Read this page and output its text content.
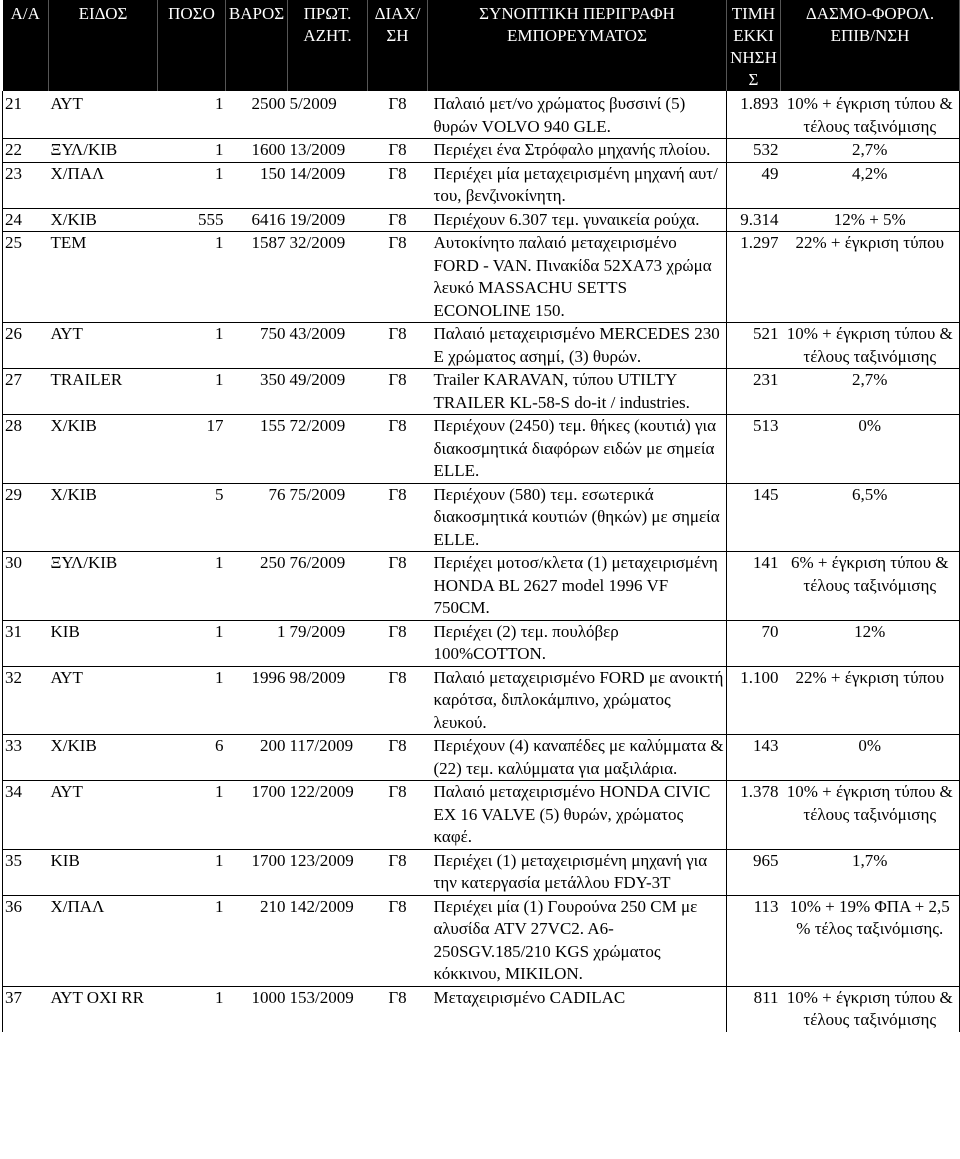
Α/Α	ΕΙΔΟΣ	ΠΟΣΟ	ΒΑΡΟΣ	ΠΡΩΤ. ΑΖΗΤ.	ΔΙΑΧ/ ΣΗ	ΣΥΝΟΠΤΙΚΗ ΠΕΡΙΓΡΑΦΗ ΕΜΠΟΡΕΥΜΑΤΟΣ	ΤΙΜΗ ΕΚΚΙ ΝΗΣΗ Σ	ΔΑΣΜΟ-ΦΟΡΟΛ. ΕΠΙΒ/ΝΣΗ
21	ΑΥΤ	1	2500	5/2009	Γ8	Παλαιό μετ/νο χρώματος βυσσινί (5) θυρών VOLVO 940 GLE.	1.893	10% + έγκριση τύπου & τέλους ταξινόμισης
22	ΞΥΛ/ΚΙΒ	1	1600	13/2009	Γ8	Περιέχει ένα Στρόφαλο μηχανής πλοίου.	532	2,7%
23	Χ/ΠΑΛ	1	150	14/2009	Γ8	Περιέχει μία μεταχειρισμένη μηχανή αυτ/του, βενζινοκίνητη.	49	4,2%
24	Χ/ΚΙΒ	555	6416	19/2009	Γ8	Περιέχουν 6.307 τεμ. γυναικεία ρούχα.	9.314	12% + 5%
25	ΤΕΜ	1	1587	32/2009	Γ8	Αυτοκίνητο παλαιό μεταχειρισμένο FORD - VAN. Πινακίδα 52ΧΑ73 χρώμα λευκό MASSACHU SETTS ECONOLINE 150.	1.297	22% + έγκριση τύπου
26	ΑΥΤ	1	750	43/2009	Γ8	Παλαιό μεταχειρισμένο MERCEDES 230 E χρώματος ασημί, (3) θυρών.	521	10% + έγκριση τύπου & τέλους ταξινόμισης
27	TRAILER	1	350	49/2009	Γ8	Trailer KARAVAN, τύπου UTILTY TRAILER KL-58-S do-it / industries.	231	2,7%
28	Χ/ΚΙΒ	17	155	72/2009	Γ8	Περιέχουν (2450) τεμ. θήκες (κουτιά) για διακοσμητικά διαφόρων ειδών με σημεία ELLE.	513	0%
29	Χ/ΚΙΒ	5	76	75/2009	Γ8	Περιέχουν (580) τεμ. εσωτερικά διακοσμητικά κουτιών (θηκών) με σημεία ELLE.	145	6,5%
30	ΞΥΛ/ΚΙΒ	1	250	76/2009	Γ8	Περιέχει μοτοσ/κλετα (1) μεταχειρισμένη HONDA BL 2627 model 1996 VF 750CM.	141	6% + έγκριση τύπου & τέλους ταξινόμισης
31	ΚΙΒ	1	1	79/2009	Γ8	Περιέχει (2) τεμ. πουλόβερ 100%COTTON.	70	12%
32	ΑΥΤ	1	1996	98/2009	Γ8	Παλαιό μεταχειρισμένο FORD με ανοικτή καρότσα, διπλοκάμπινο, χρώματος λευκού.	1.100	22% + έγκριση τύπου
33	Χ/ΚΙΒ	6	200	117/2009	Γ8	Περιέχουν (4) καναπέδες με καλύμματα & (22) τεμ. καλύμματα για μαξιλάρια.	143	0%
34	ΑΥΤ	1	1700	122/2009	Γ8	Παλαιό μεταχειρισμένο HONDA CIVIC EX 16 VALVE (5) θυρών, χρώματος καφέ.	1.378	10% + έγκριση τύπου & τέλους ταξινόμισης
35	ΚΙΒ	1	1700	123/2009	Γ8	Περιέχει (1) μεταχειρισμένη μηχανή για την κατεργασία μετάλλου FDY-3T	965	1,7%
36	Χ/ΠΑΛ	1	210	142/2009	Γ8	Περιέχει μία (1) Γουρούνα 250 CM με αλυσίδα ATV 27VC2. A6-250SGV.185/210 KGS χρώματος κόκκινου, MIKILON.	113	10% + 19% ΦΠΑ + 2,5 % τέλος ταξινόμισης.
37	ΑΥΤ ΟΧΙ RR	1	1000	153/2009	Γ8	Μεταχειρισμένο CADILAC	811	10% + έγκριση τύπου & τέλους ταξινόμισης
